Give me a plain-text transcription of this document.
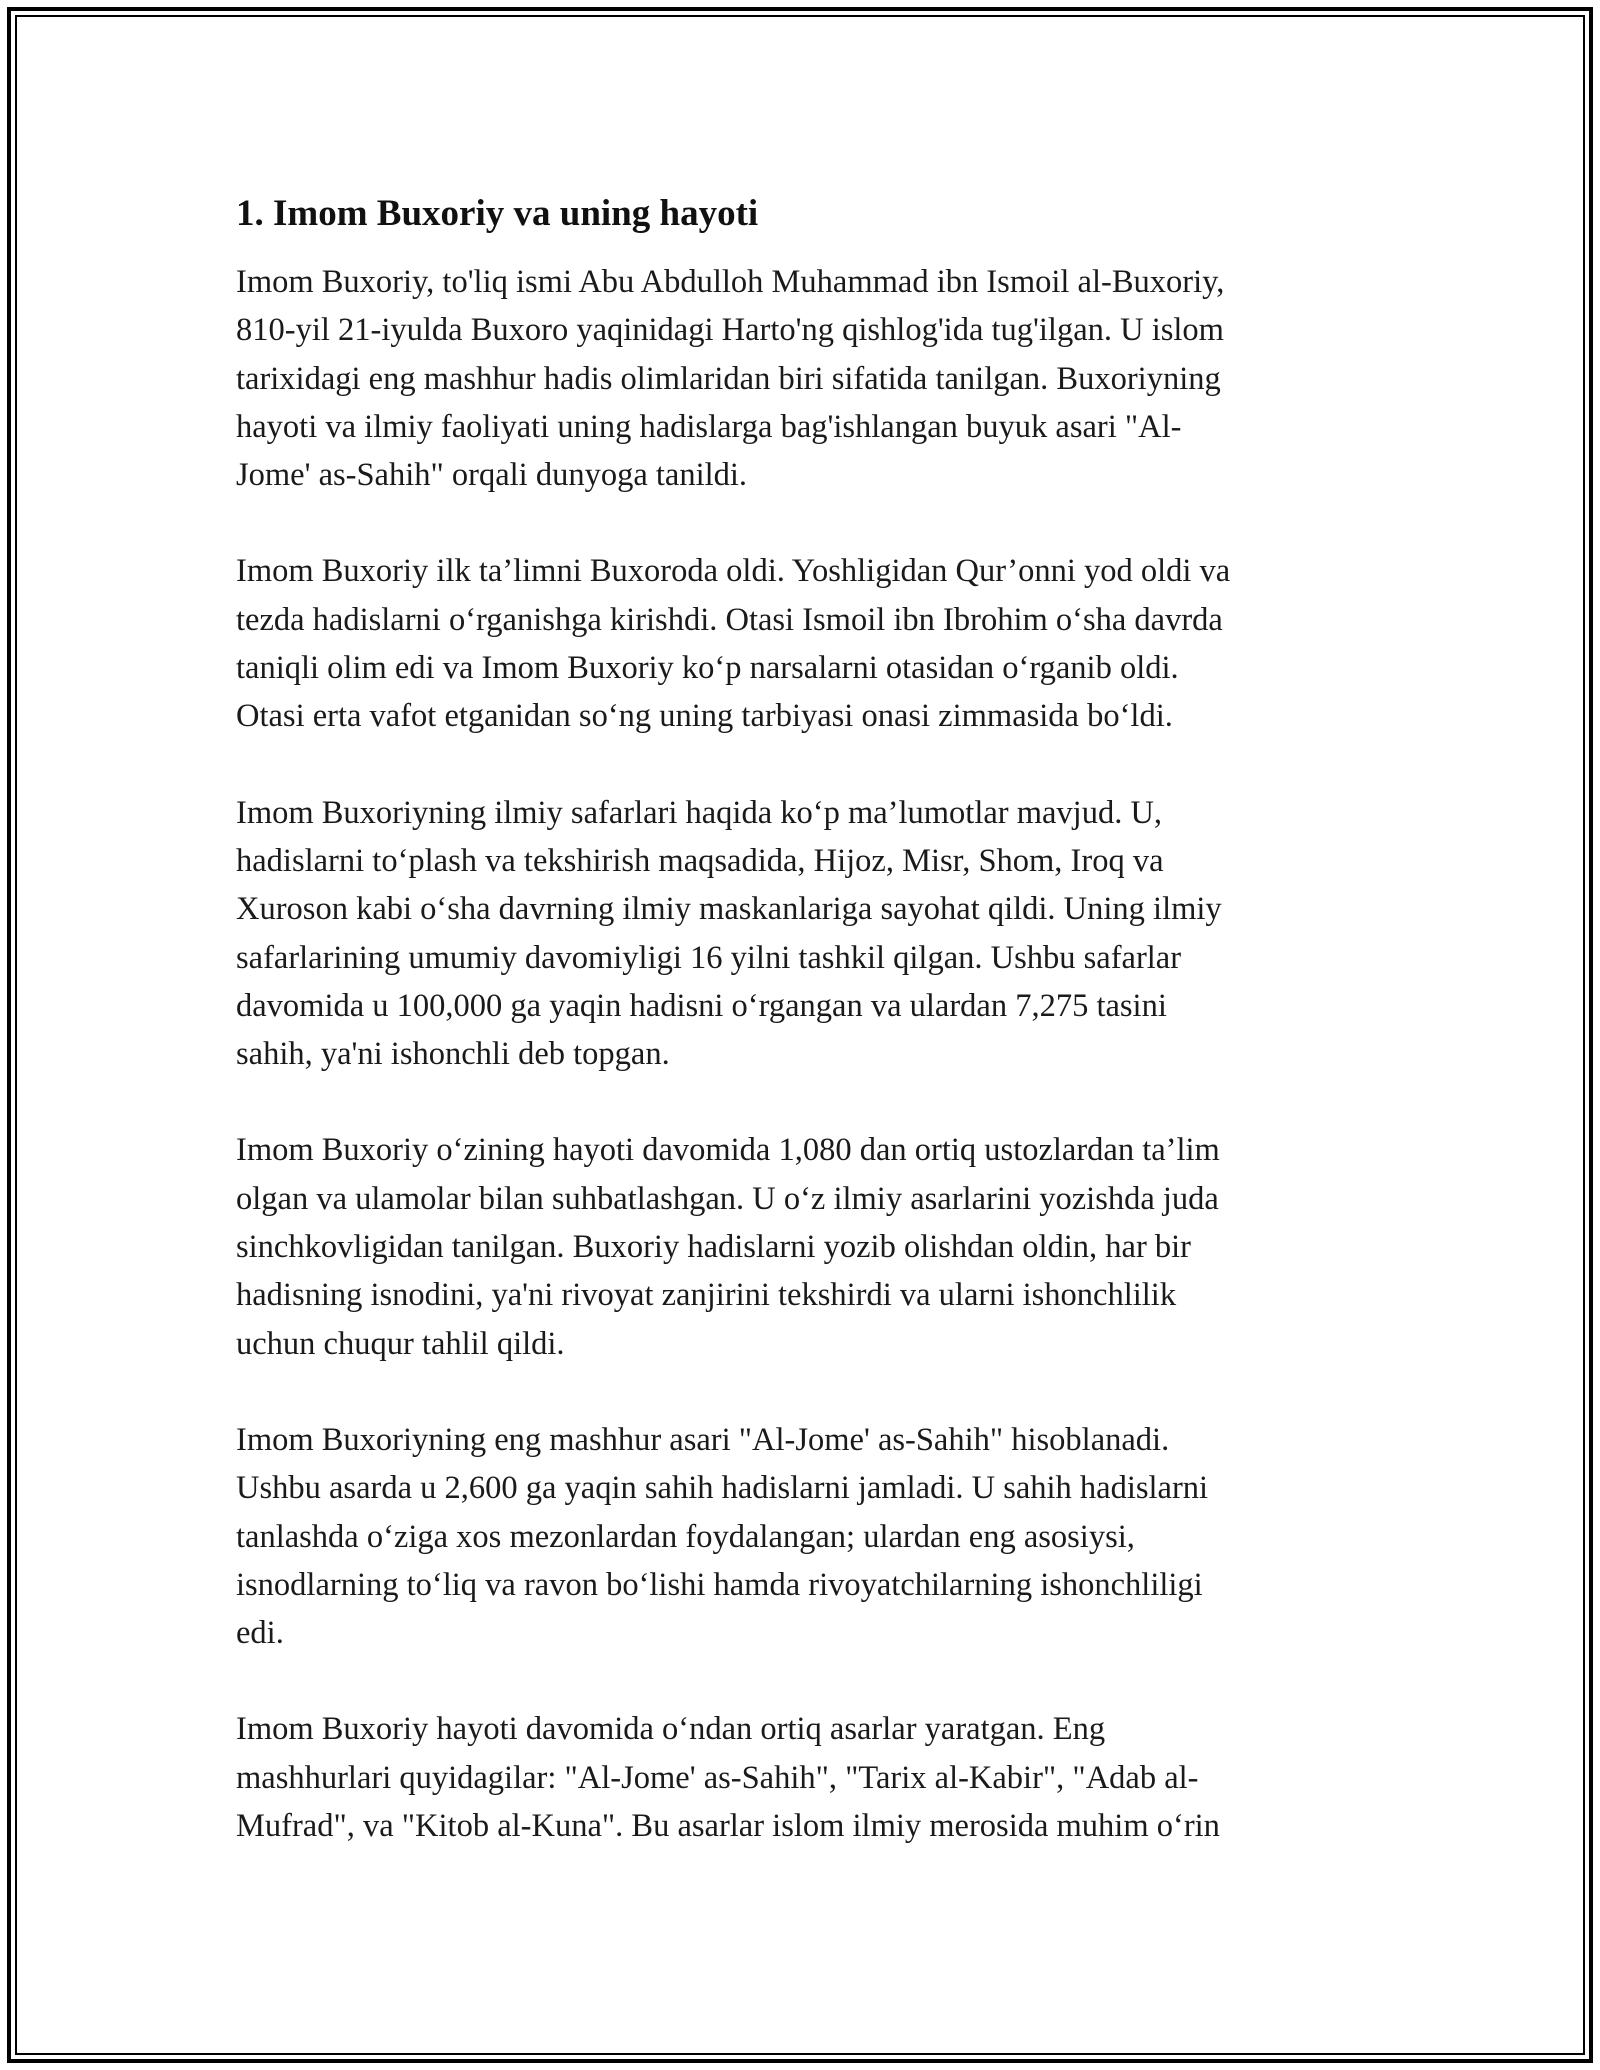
1. Imom Buxoriy va uning hayoti

Imom Buxoriy, to'liq ismi Abu Abdulloh Muhammad ibn Ismoil al-Buxoriy,
810-yil 21-iyulda Buxoro yaqinidagi Harto'ng qishlog'ida tug'ilgan. U islom
tarixidagi eng mashhur hadis olimlaridan biri sifatida tanilgan. Buxoriyning
hayoti va ilmiy faoliyati uning hadislarga bag'ishlangan buyuk asari "Al-
Jome' as-Sahih" orqali dunyoga tanildi.

Imom Buxoriy ilk ta’limni Buxoroda oldi. Yoshligidan Qur’onni yod oldi va
tezda hadislarni o‘rganishga kirishdi. Otasi Ismoil ibn Ibrohim o‘sha davrda
taniqli olim edi va Imom Buxoriy ko‘p narsalarni otasidan o‘rganib oldi.
Otasi erta vafot etganidan so‘ng uning tarbiyasi onasi zimmasida bo‘ldi.

Imom Buxoriyning ilmiy safarlari haqida ko‘p ma’lumotlar mavjud. U,
hadislarni to‘plash va tekshirish maqsadida, Hijoz, Misr, Shom, Iroq va
Xuroson kabi o‘sha davrning ilmiy maskanlariga sayohat qildi. Uning ilmiy
safarlarining umumiy davomiyligi 16 yilni tashkil qilgan. Ushbu safarlar
davomida u 100,000 ga yaqin hadisni o‘rgangan va ulardan 7,275 tasini
sahih, ya'ni ishonchli deb topgan.

Imom Buxoriy o‘zining hayoti davomida 1,080 dan ortiq ustozlardan ta’lim
olgan va ulamolar bilan suhbatlashgan. U o‘z ilmiy asarlarini yozishda juda
sinchkovligidan tanilgan. Buxoriy hadislarni yozib olishdan oldin, har bir
hadisning isnodini, ya'ni rivoyat zanjirini tekshirdi va ularni ishonchlilik
uchun chuqur tahlil qildi.

Imom Buxoriyning eng mashhur asari "Al-Jome' as-Sahih" hisoblanadi.
Ushbu asarda u 2,600 ga yaqin sahih hadislarni jamladi. U sahih hadislarni
tanlashda o‘ziga xos mezonlardan foydalangan; ulardan eng asosiysi,
isnodlarning to‘liq va ravon bo‘lishi hamda rivoyatchilarning ishonchliligi
edi.

Imom Buxoriy hayoti davomida o‘ndan ortiq asarlar yaratgan. Eng
mashhurlari quyidagilar: "Al-Jome' as-Sahih", "Tarix al-Kabir", "Adab al-
Mufrad", va "Kitob al-Kuna". Bu asarlar islom ilmiy merosida muhim o‘rin
